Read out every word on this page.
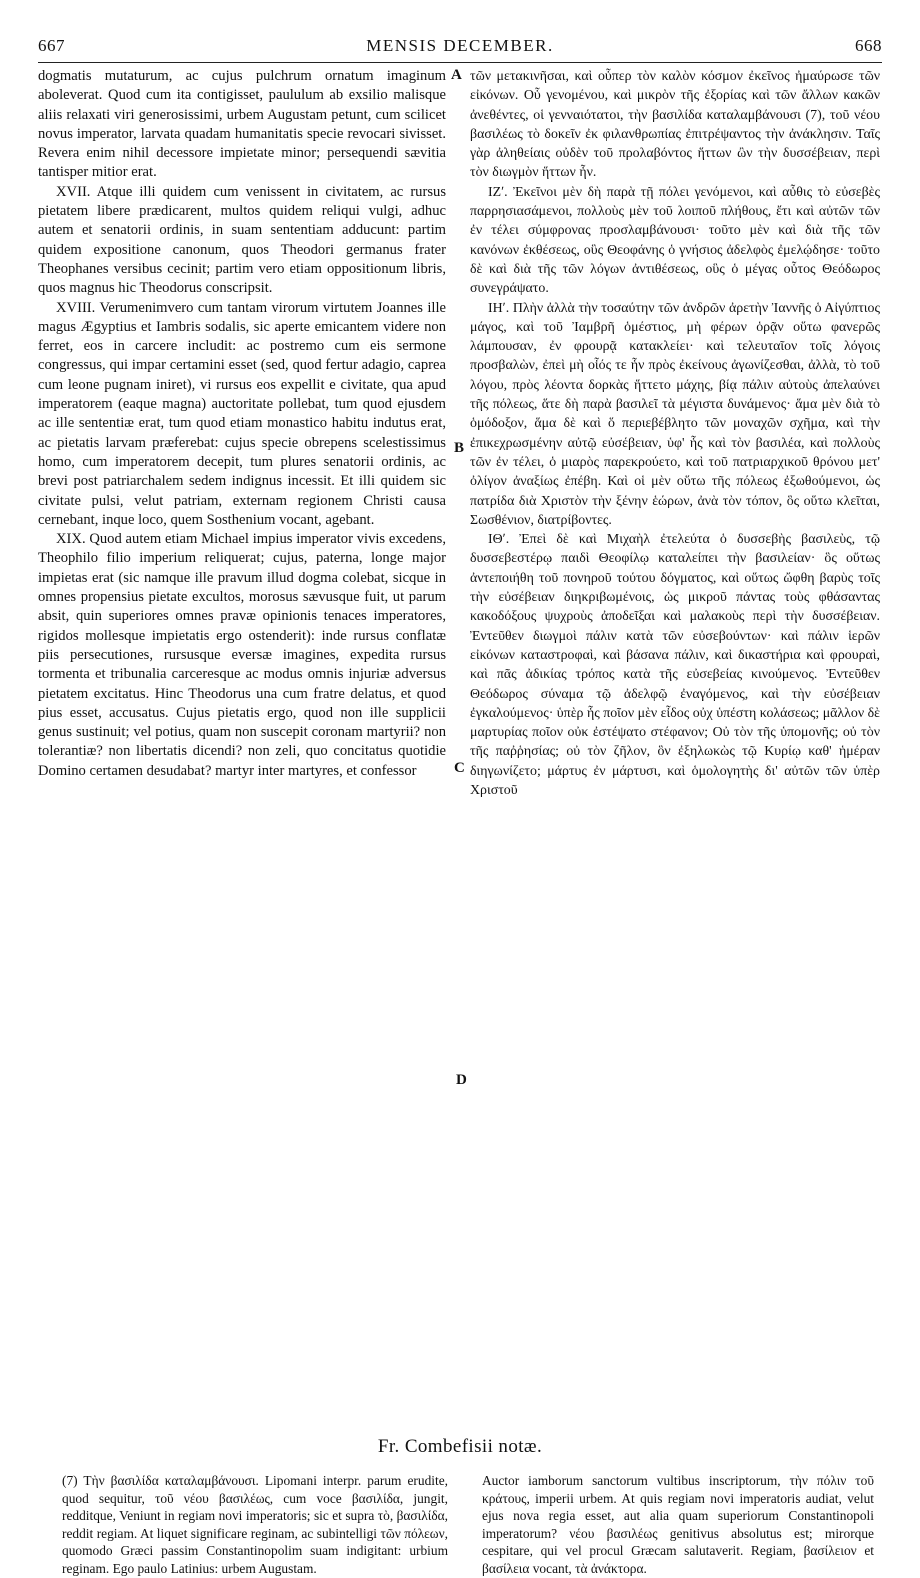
667	MENSIS DECEMBER.	668

dogmatis mutaturum, ac cujus pulchrum ornatum imaginum aboleverat. Quod cum ita contigisset, paululum ab exsilio malisque aliis relaxati viri generosissimi, urbem Augustam petunt, cum scilicet novus imperator, larvata quadam humanitatis specie revocari sivisset. Revera enim nihil decessore impietate minor; persequendi sævitia tantisper mitior erat.

XVII. Atque illi quidem cum venissent in civitatem, ac rursus pietatem libere prædicarent, multos quidem reliqui vulgi, adhuc autem et senatorii ordinis, in suam sententiam adducunt: partim quidem expositione canonum, quos Theodori germanus frater Theophanes versibus cecinit; partim vero etiam oppositionum libris, quos magnus hic Theodorus conscripsit.

XVIII. Verumenimvero cum tantam virorum virtutem Joannes ille magus Ægyptius et Iambris sodalis, sic aperte emicantem videre non ferret, eos in carcere includit: ac postremo cum eis sermone congressus, qui impar certamini esset (sed, quod fertur adagio, caprea cum leone pugnam iniret), vi rursus eos expellit e civitate, qua apud imperatorem (eaque magna) auctoritate pollebat, tum quod ejusdem ac ille sententiæ erat, tum quod etiam monastico habitu indutus erat, ac pietatis larvam præferebat: cujus specie obrepens scelestissimus homo, cum imperatorem decepit, tum plures senatorii ordinis, ac brevi post patriarchalem sedem indignus incessit. Et illi quidem sic civitate pulsi, velut patriam, externam regionem Christi causa cernebant, inque loco, quem Sosthenium vocant, agebant.

XIX. Quod autem etiam Michael impius imperator vivis excedens, Theophilo filio imperium reliquerat; cujus, paterna, longe major impietas erat (sic namque ille pravum illud dogma colebat, sicque in omnes propensius pietate excultos, morosus sævusque fuit, ut parum absit, quin superiores omnes pravæ opinionis tenaces imperatores, rigidos mollesque impietatis ergo ostenderit): inde rursus conflatæ piis persecutiones, rursusque eversæ imagines, expedita rursus tormenta et tribunalia carceresque ac modus omnis injuriæ adversus pietatem excitatus. Hinc Theodorus una cum fratre delatus, et quod pius esset, accusatus. Cujus pietatis ergo, quod non ille supplicii genus sustinuit; vel potius, quam non suscepit coronam martyrii? non tolerantiæ? non libertatis dicendi? non zeli, quo concitatus quotidie Domino certamen desudabat? martyr inter martyres, et confessor

A
B
C
D

τῶν μετακινῆσαι, καὶ οὗπερ τὸν καλὸν κόσμον ἐκεῖνος ἠμαύρωσε τῶν εἰκόνων. Οὗ γενομένου, καὶ μικρὸν τῆς ἐξορίας καὶ τῶν ἄλλων κακῶν ἀνεθέντες, οἱ γενναιότατοι, τὴν βασιλίδα καταλαμβάνουσι (7), τοῦ νέου βασιλέως τὸ δοκεῖν ἐκ φιλανθρωπίας ἐπιτρέψαντος τὴν ἀνάκλησιν. Ταῖς γὰρ ἀληθείαις οὐδὲν τοῦ προλαβόντος ἥττων ὢν τὴν δυσσέβειαν, περὶ τὸν διωγμὸν ἥττων ἦν.

ΙΖʹ. Ἐκεῖνοι μὲν δὴ παρὰ τῇ πόλει γενόμενοι, καὶ αὖθις τὸ εὐσεβὲς παρρησιασάμενοι, πολλοὺς μὲν τοῦ λοιποῦ πλήθους, ἔτι καὶ αὐτῶν τῶν ἐν τέλει σύμφρονας προσλαμβάνουσι· τοῦτο μὲν καὶ διὰ τῆς τῶν κανόνων ἐκθέσεως, οὓς Θεοφάνης ὁ γνήσιος ἀδελφὸς ἐμελῴδησε· τοῦτο δὲ καὶ διὰ τῆς τῶν λόγων ἀντιθέσεως, οὓς ὁ μέγας οὗτος Θεόδωρος συνεγράψατο.

ΙΗʹ. Πλὴν ἀλλὰ τὴν τοσαύτην τῶν ἀνδρῶν ἀρετὴν Ἰαννῆς ὁ Αἰγύπτιος μάγος, καὶ τοῦ Ἰαμβρῆ ὁμέστιος, μὴ φέρων ὁρᾷν οὕτω φανερῶς λάμπουσαν, ἐν φρουρᾷ κατακλείει· καὶ τελευταῖον τοῖς λόγοις προσβαλὼν, ἐπεὶ μὴ οἷός τε ἦν πρὸς ἐκείνους ἀγωνίζεσθαι, ἀλλὰ, τὸ τοῦ λόγου, πρὸς λέοντα δορκὰς ἥττετο μάχης, βίᾳ πάλιν αὐτοὺς ἀπελαύνει τῆς πόλεως, ἅτε δὴ παρὰ βασιλεῖ τὰ μέγιστα δυνάμενος· ἅμα μὲν διὰ τὸ ὁμόδοξον, ἅμα δὲ καὶ ὅ περιεβέβλητο τῶν μοναχῶν σχῆμα, καὶ τὴν ἐπικεχρωσμένην αὐτῷ εὐσέβειαν, ὑφ' ἧς καὶ τὸν βασιλέα, καὶ πολλοὺς τῶν ἐν τέλει, ὁ μιαρὸς παρεκρούετο, καὶ τοῦ πατριαρχικοῦ θρόνου μετ' ὀλίγον ἀναξίως ἐπέβη. Καὶ οἱ μὲν οὕτω τῆς πόλεως ἐξωθούμενοι, ὡς πατρίδα διὰ Χριστὸν τὴν ξένην ἑώρων, ἀνὰ τὸν τόπον, ὃς οὕτω κλεῖται, Σωσθένιον, διατρίβοντες.

ΙΘʹ. Ἐπεὶ δὲ καὶ Μιχαὴλ ἐτελεύτα ὁ δυσσεβὴς βασιλεὺς, τῷ δυσσεβεστέρῳ παιδὶ Θεοφίλῳ καταλείπει τὴν βασιλείαν· ὃς οὕτως ἀντεποιήθη τοῦ πονηροῦ τούτου δόγματος, καὶ οὕτως ὤφθη βαρὺς τοῖς τὴν εὐσέβειαν διηκριβωμένοις, ὡς μικροῦ πάντας τοὺς φθάσαντας κακοδόξους ψυχροὺς ἀποδεῖξαι καὶ μαλακοὺς περὶ τὴν δυσσέβειαν. Ἐντεῦθεν διωγμοὶ πάλιν κατὰ τῶν εὐσεβούντων· καὶ πάλιν ἱερῶν εἰκόνων καταστροφαὶ, καὶ βάσανα πάλιν, καὶ δικαστήρια καὶ φρουραὶ, καὶ πᾶς ἀδικίας τρόπος κατὰ τῆς εὐσεβείας κινούμενος. Ἐντεῦθεν Θεόδωρος σύναμα τῷ ἀδελφῷ ἐναγόμενος, καὶ τὴν εὐσέβειαν ἐγκαλούμενος· ὑπὲρ ἧς ποῖον μὲν εἶδος οὐχ ὑπέστη κολάσεως; μᾶλλον δὲ μαρτυρίας ποῖον οὐκ ἐστέψατο στέφανον; Οὐ τὸν τῆς ὑπομονῆς; οὐ τὸν τῆς παῤῥησίας; οὐ τὸν ζῆλον, ὃν ἐξηλωκὼς τῷ Κυρίῳ καθ' ἡμέραν διηγωνίζετο; μάρτυς ἐν μάρτυσι, καὶ ὁμολογητὴς δι' αὐτῶν τῶν ὑπὲρ Χριστοῦ

Fr. Combefisii notæ.

(7) Τὴν βασιλίδα καταλαμβάνουσι. Lipomani interpr. parum erudite, quod sequitur, τοῦ νέου βασιλέως, cum voce βασιλίδα, jungit, redditque, Veniunt in regiam novi imperatoris; sic et supra τὸ, βασιλίδα, reddit regiam. At liquet significare reginam, ac subintelligi τῶν πόλεων, quomodo Græci passim Constantinopolim suam indigitant: urbium reginam. Ego paulo Latinius: urbem Augustam.

Auctor iamborum sanctorum vultibus inscriptorum, τὴν πόλιν τοῦ κράτους, imperii urbem. At quis regiam novi imperatoris audiat, velut ejus nova regia esset, aut alia quam superiorum Constantinopoli imperatorum? νέου βασιλέως genitivus absolutus est; mirorque cespitare, qui vel procul Græcam salutaverit. Regiam, βασίλειον et βασίλεια vocant, τὰ ἀνάκτορα.
